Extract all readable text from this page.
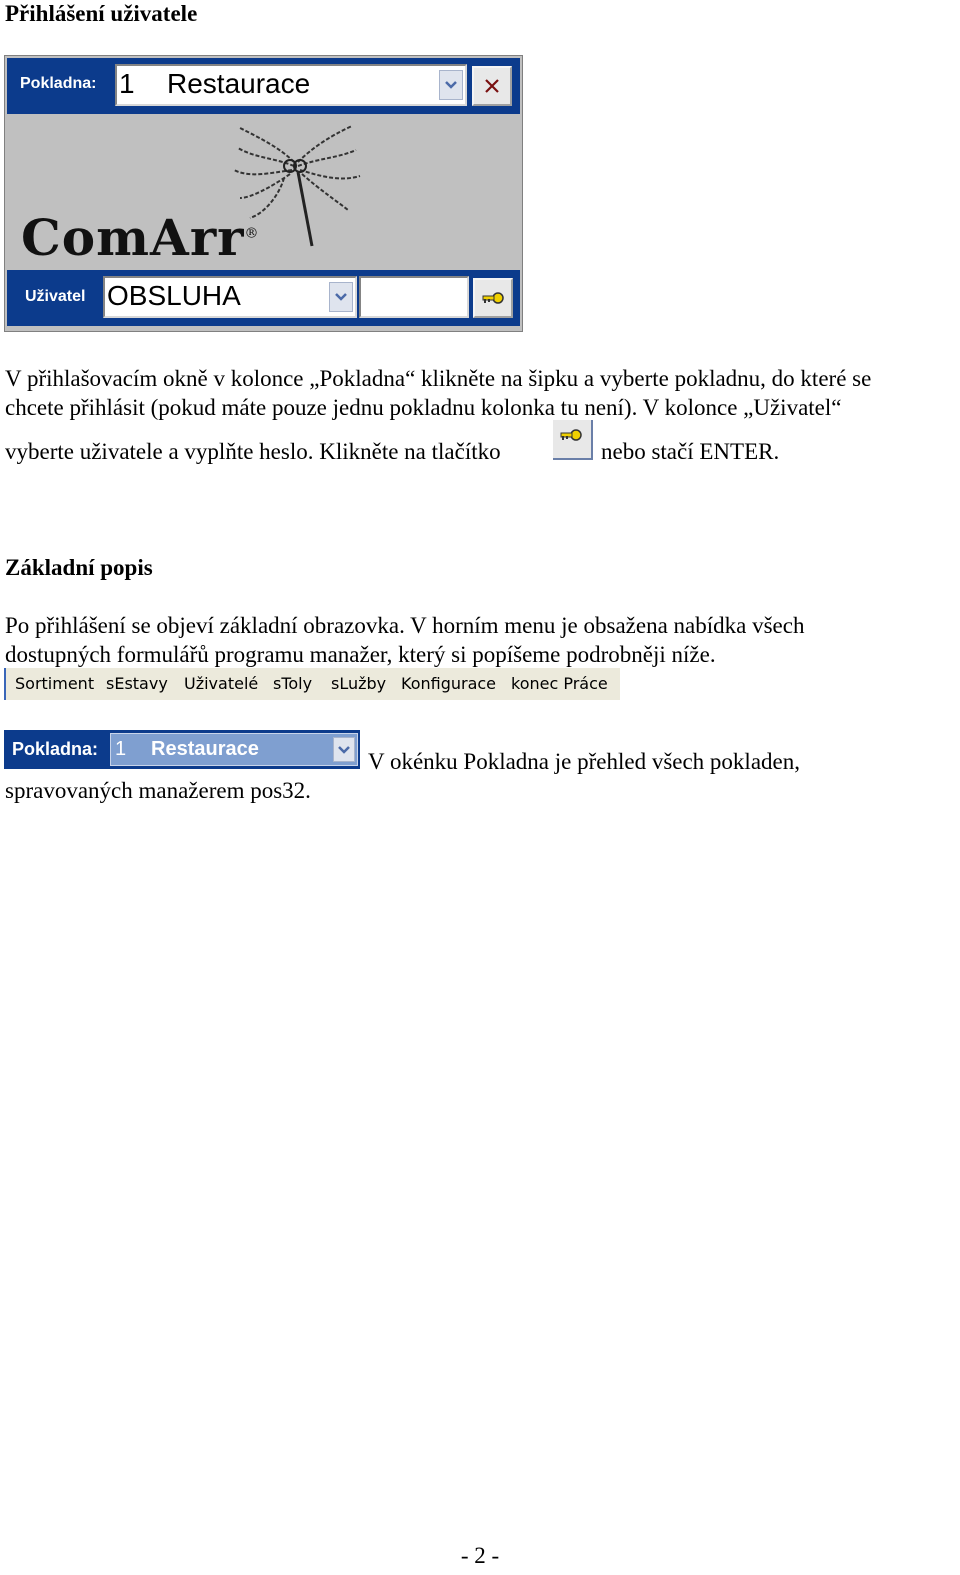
Přihlášení uživatele
Pokladna: 1 Restaurace
ComArr®
Uživatel OBSLUHA

V přihlašovacím okně v kolonce „Pokladna“ klikněte na šipku a vyberte pokladnu, do které se

chcete přihlásit (pokud máte pouze jednu pokladnu kolonka tu není). V kolonce „Uživatel“

vyberte uživatele a vyplňte heslo. Klikněte na tlačítko	nebo stačí ENTER.

Základní popis

Po přihlášení se objeví základní obrazovka. V horním menu je obsažena nabídka všech

dostupných formulářů programu manažer, který si popíšeme podrobněji níže.

Sortiment sEstavy Uživatelé sToly sLužby Konfigurace konec Práce
Pokladna: 1 Restaurace	V okénku Pokladna je přehled všech pokladen,

spravovaných manažerem pos32.

- 2 -
